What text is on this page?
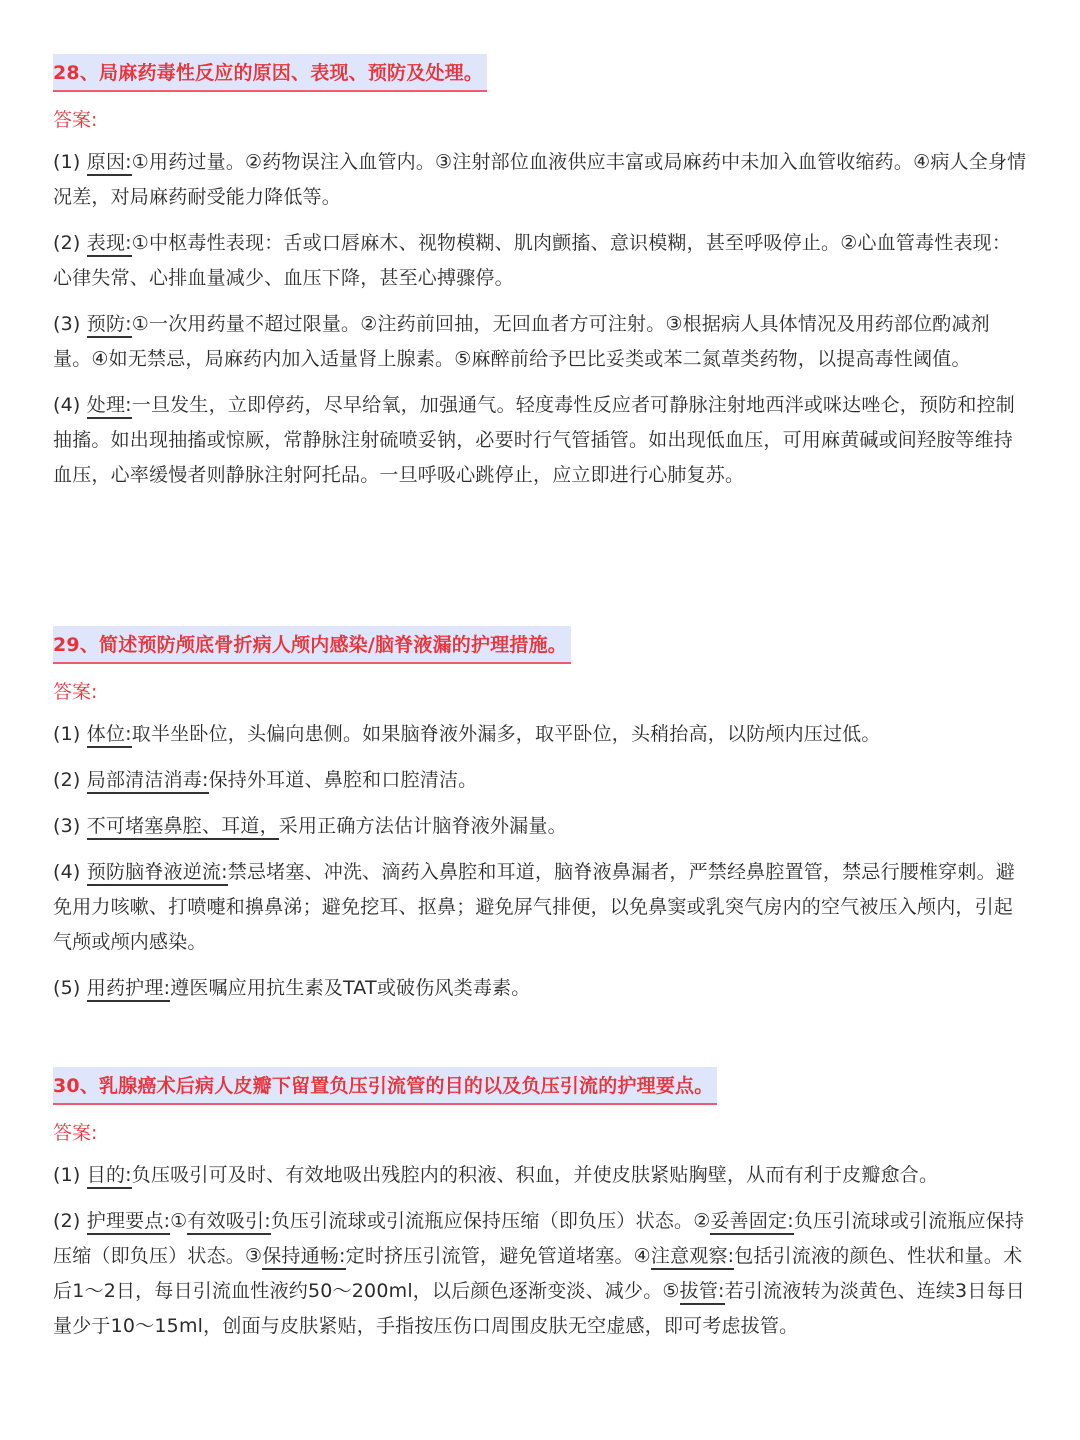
28、局麻药毒性反应的原因、表现、预防及处理。
答案:
(1) 原因:①用药过量。②药物误注入血管内。③注射部位血液供应丰富或局麻药中未加入血管收缩药。④病人全身情况差，对局麻药耐受能力降低等。
(2) 表现:①中枢毒性表现：舌或口唇麻木、视物模糊、肌肉颤搐、意识模糊，甚至呼吸停止。②心血管毒性表现：心律失常、心排血量减少、血压下降，甚至心搏骤停。
(3) 预防:①一次用药量不超过限量。②注药前回抽，无回血者方可注射。③根据病人具体情况及用药部位酌减剂量。④如无禁忌，局麻药内加入适量肾上腺素。⑤麻醉前给予巴比妥类或苯二氮䓬类药物，以提高毒性阈值。
(4) 处理:一旦发生，立即停药，尽早给氧，加强通气。轻度毒性反应者可静脉注射地西泮或咪达唑仑，预防和控制抽搐。如出现抽搐或惊厥，常静脉注射硫喷妥钠，必要时行气管插管。如出现低血压，可用麻黄碱或间羟胺等维持血压，心率缓慢者则静脉注射阿托品。一旦呼吸心跳停止，应立即进行心肺复苏。
29、简述预防颅底骨折病人颅内感染/脑脊液漏的护理措施。
答案:
(1) 体位:取半坐卧位，头偏向患侧。如果脑脊液外漏多，取平卧位，头稍抬高，以防颅内压过低。
(2) 局部清洁消毒:保持外耳道、鼻腔和口腔清洁。
(3) 不可堵塞鼻腔、耳道，采用正确方法估计脑脊液外漏量。
(4) 预防脑脊液逆流:禁忌堵塞、冲洗、滴药入鼻腔和耳道，脑脊液鼻漏者，严禁经鼻腔置管，禁忌行腰椎穿刺。避免用力咳嗽、打喷嚏和擤鼻涕；避免挖耳、抠鼻；避免屏气排便，以免鼻窦或乳突气房内的空气被压入颅内，引起气颅或颅内感染。
(5) 用药护理:遵医嘱应用抗生素及TAT或破伤风类毒素。
30、乳腺癌术后病人皮瓣下留置负压引流管的目的以及负压引流的护理要点。
答案:
(1) 目的:负压吸引可及时、有效地吸出残腔内的积液、积血，并使皮肤紧贴胸壁，从而有利于皮瓣愈合。
(2) 护理要点:①有效吸引:负压引流球或引流瓶应保持压缩（即负压）状态。②妥善固定:负压引流球或引流瓶应保持压缩（即负压）状态。③保持通畅:定时挤压引流管，避免管道堵塞。④注意观察:包括引流液的颜色、性状和量。术后1～2日，每日引流血性液约50～200ml，以后颜色逐渐变淡、减少。⑤拔管:若引流液转为淡黄色、连续3日每日量少于10～15ml，创面与皮肤紧贴，手指按压伤口周围皮肤无空虚感，即可考虑拔管。
